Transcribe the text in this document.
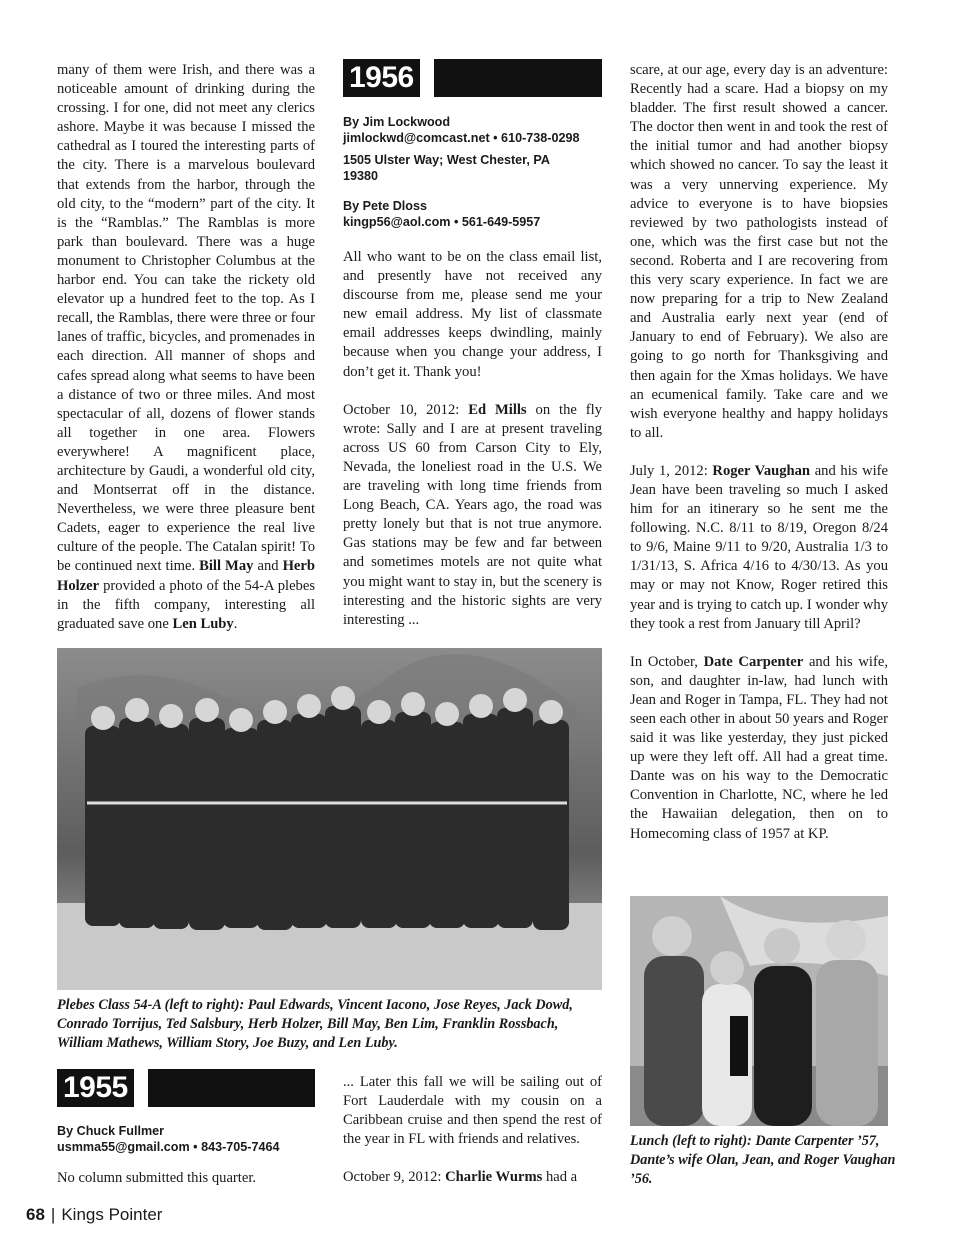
many of them were Irish, and there was a noticeable amount of drinking during the crossing. I for one, did not meet any clerics ashore. Maybe it was because I missed the cathedral as I toured the interesting parts of the city. There is a marvelous boulevard that extends from the harbor, through the old city, to the “modern” part of the city. It is the “Ramblas.” The Ramblas is more park than boulevard. There was a huge monument to Christopher Columbus at the harbor end. You can take the rickety old elevator up a hundred feet to the top. As I recall, the Ramblas, there were three or four lanes of traffic, bicycles, and promenades in each direction. All manner of shops and cafes spread along what seems to have been a distance of two or three miles. And most spectacular of all, dozens of flower stands all together in one area. Flowers everywhere! A magnificent place, architecture by Gaudi, a wonderful old city, and Montserrat off in the distance. Nevertheless, we were three pleasure bent Cadets, eager to experience the real live culture of the people. The Catalan spirit! To be continued next time. Bill May and Herb Holzer provided a photo of the 54-A plebes in the fifth company, interesting all graduated save one Len Luby.

1956
By Jim Lockwood
jimlockwd@comcast.net • 610-738-0298
1505 Ulster Way; West Chester, PA
19380
By Pete Dloss
kingp56@aol.com • 561-649-5957

All who want to be on the class email list, and presently have not received any discourse from me, please send me your new email address. My list of classmate email addresses keeps dwindling, mainly because when you change your address, I don’t get it. Thank you!

October 10, 2012: Ed Mills on the fly wrote: Sally and I are at present traveling across US 60 from Carson City to Ely, Nevada, the loneliest road in the U.S. We are traveling with long time friends from Long Beach, CA. Years ago, the road was pretty lonely but that is not true anymore. Gas stations may be few and far between and sometimes motels are not quite what you might want to stay in, but the scenery is interesting and the historic sights are very interesting ...

scare, at our age, every day is an adventure: Recently had a scare. Had a biopsy on my bladder. The first result showed a cancer. The doctor then went in and took the rest of the initial tumor and had another biopsy which showed no cancer. To say the least it was a very unnerving experience. My advice to everyone is to have biopsies reviewed by two pathologists instead of one, which was the first case but not the second. Roberta and I are recovering from this very scary experience. In fact we are now preparing for a trip to New Zealand and Australia early next year (end of January to end of February). We also are going to go north for Thanksgiving and then again for the Xmas holidays. We have an ecumenical family. Take care and we wish everyone healthy and happy holidays to all.

July 1, 2012: Roger Vaughan and his wife Jean have been traveling so much I asked him for an itinerary so he sent me the following. N.C. 8/11 to 8/19, Oregon 8/24 to 9/6, Maine 9/11 to 9/20, Australia 1/3 to 1/31/13, S. Africa 4/16 to 4/30/13. As you may or may not Know, Roger retired this year and is trying to catch up. I wonder why they took a rest from January till April?

In October, Date Carpenter and his wife, son, and daughter in-law, had lunch with Jean and Roger in Tampa, FL. They had not seen each other in about 50 years and Roger said it was like yesterday, they just picked up were they left off. All had a great time. Dante was on his way to the Democratic Convention in Charlotte, NC, where he led the Hawaiian delegation, then on to Homecoming class of 1957 at KP.

Plebes Class 54-A (left to right): Paul Edwards, Vincent Iacono, Jose Reyes, Jack Dowd, Conrado Torrijus, Ted Salsbury, Herb Holzer, Bill May, Ben Lim, Franklin Rossbach, William Mathews, William Story, Joe Buzy, and Len Luby.
Lunch (left to right): Dante Carpenter ’57, Dante’s wife Olan, Jean, and Roger Vaughan ’56.
1955
By Chuck Fullmer
usmma55@gmail.com • 843-705-7464

No column submitted this quarter.

... Later this fall we will be sailing out of Fort Lauderdale with my cousin on a Caribbean cruise and then spend the rest of the year in FL with friends and relatives.

October 9, 2012: Charlie Wurms had a

68 | Kings Pointer
